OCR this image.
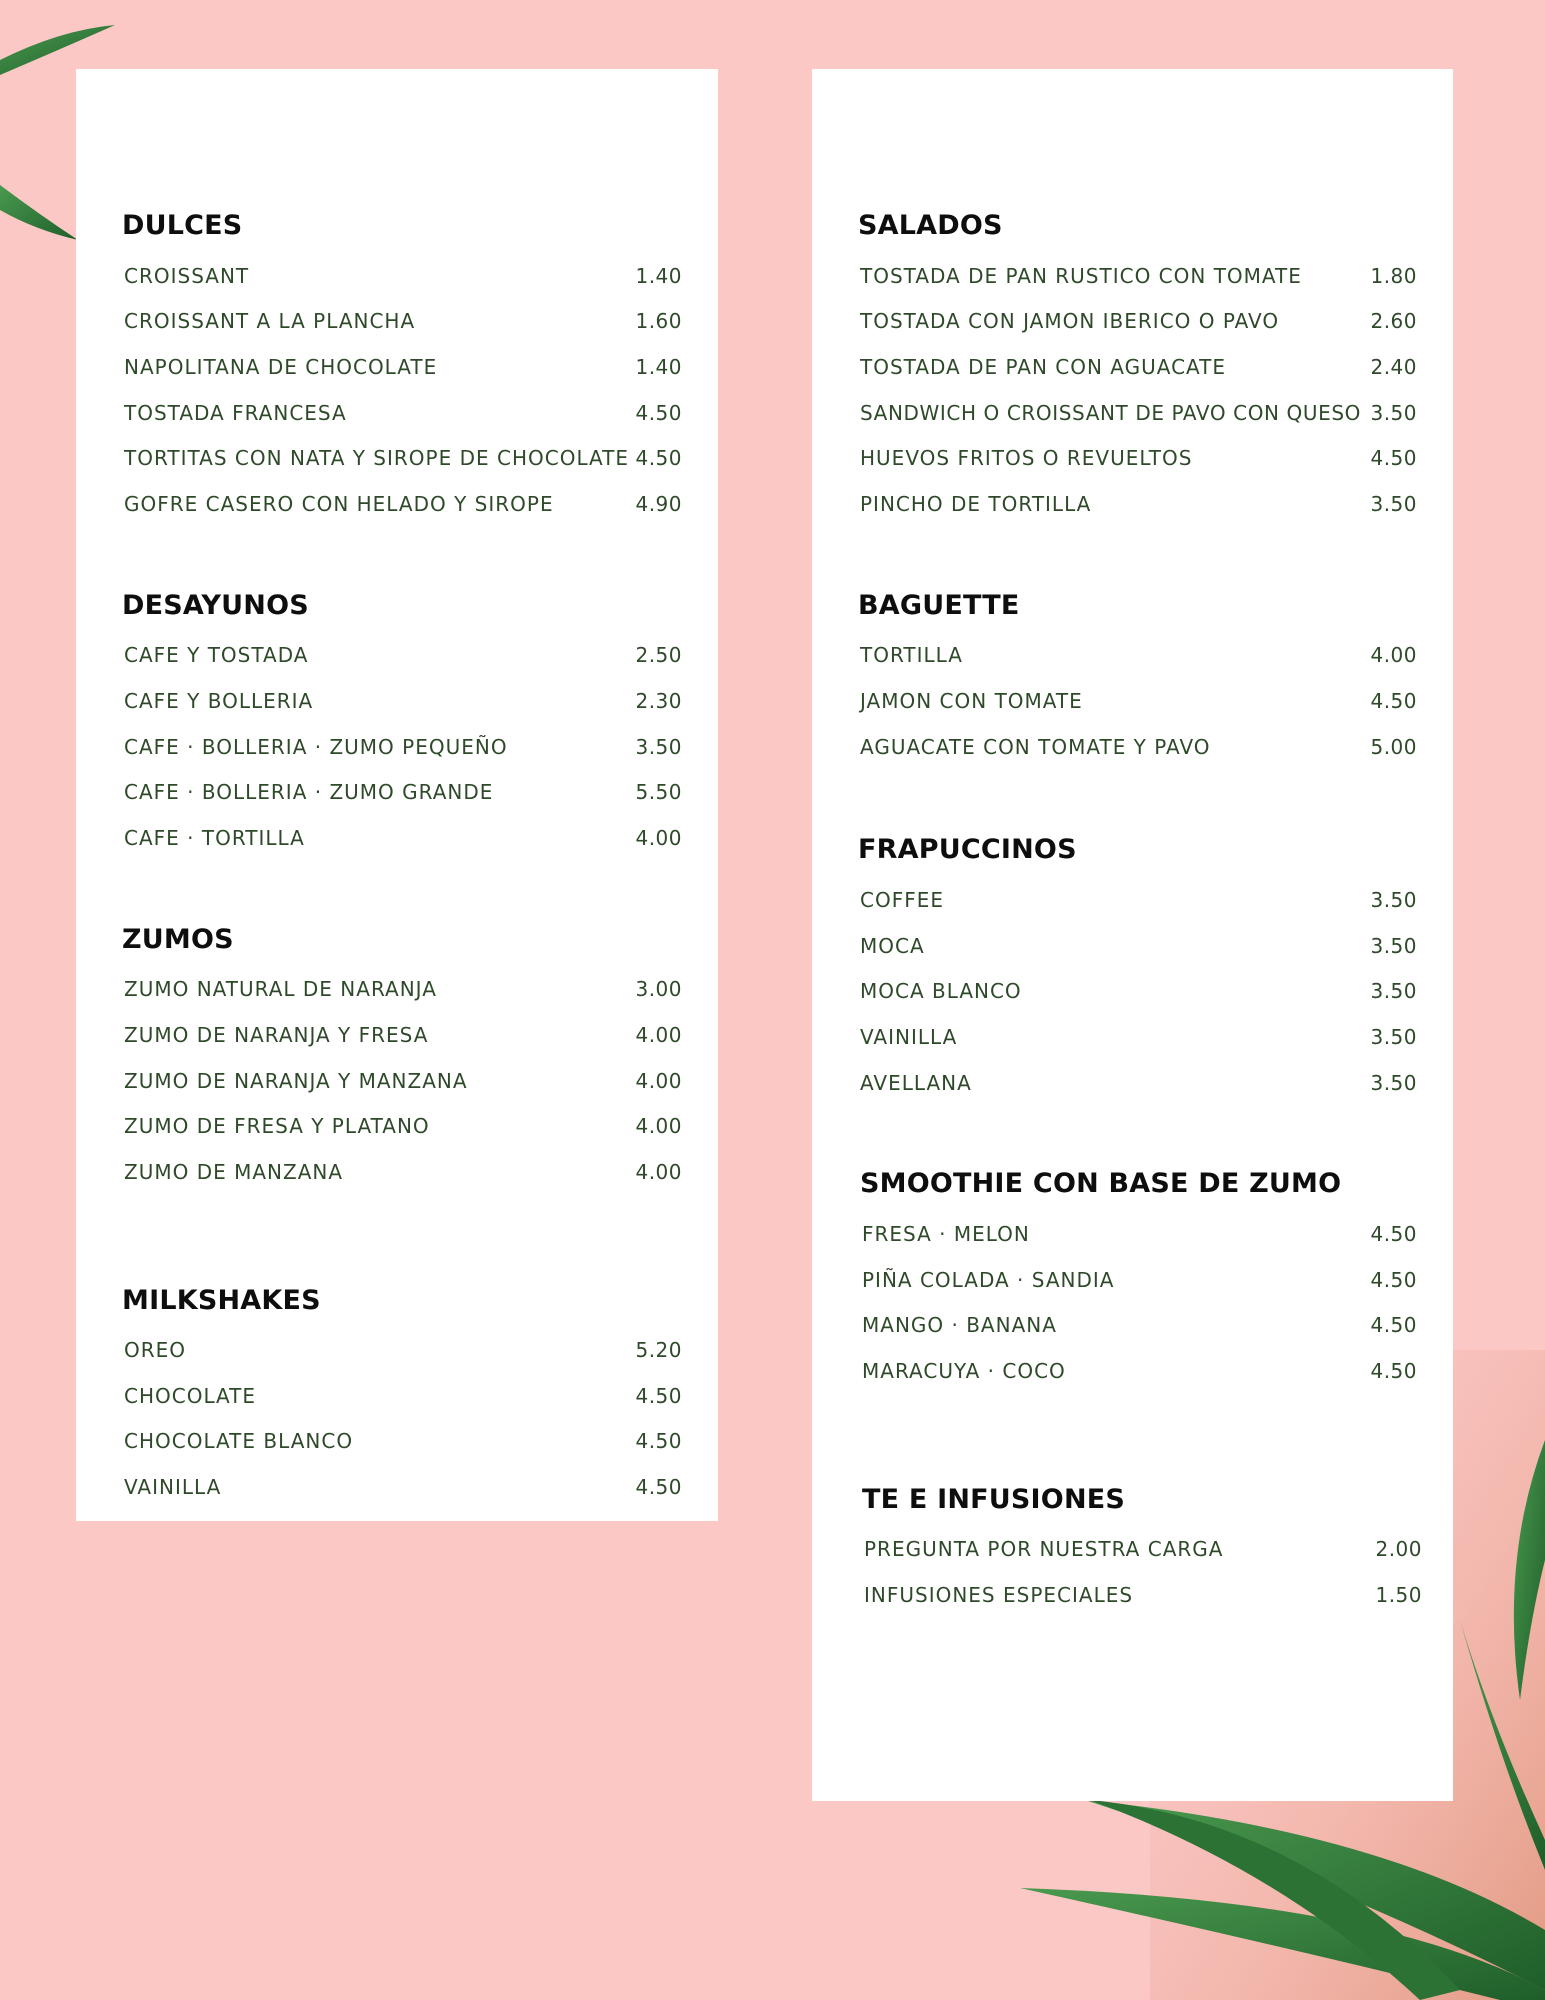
DULCES
CROISSANT	1.40
CROISSANT A LA PLANCHA	1.60
NAPOLITANA DE CHOCOLATE	1.40
TOSTADA FRANCESA	4.50
TORTITAS CON NATA Y SIROPE DE CHOCOLATE 4.50
GOFRE CASERO CON HELADO Y SIROPE	4.90
DESAYUNOS
CAFE Y TOSTADA	2.50
CAFE Y BOLLERIA	2.30
CAFE · BOLLERIA · ZUMO PEQUEÑO	3.50
CAFE · BOLLERIA · ZUMO GRANDE	5.50
CAFE · TORTILLA	4.00
ZUMOS
ZUMO NATURAL DE NARANJA	3.00
ZUMO DE NARANJA Y FRESA	4.00
ZUMO DE NARANJA Y MANZANA	4.00
ZUMO DE FRESA Y PLATANO	4.00
ZUMO DE MANZANA	4.00
MILKSHAKES
OREO	5.20
CHOCOLATE	4.50
CHOCOLATE BLANCO	4.50
VAINILLA	4.50
SALADOS
TOSTADA DE PAN RUSTICO CON TOMATE	1.80
TOSTADA CON JAMON IBERICO O PAVO	2.60
TOSTADA DE PAN CON AGUACATE	2.40
SANDWICH O CROISSANT DE PAVO CON QUESO 3.50
HUEVOS FRITOS O REVUELTOS	4.50
PINCHO DE TORTILLA	3.50
BAGUETTE
TORTILLA	4.00
JAMON CON TOMATE	4.50
AGUACATE CON TOMATE Y PAVO	5.00
FRAPUCCINOS
COFFEE	3.50
MOCA	3.50
MOCA BLANCO	3.50
VAINILLA	3.50
AVELLANA	3.50
SMOOTHIE CON BASE DE ZUMO
FRESA · MELON	4.50
PIÑA COLADA · SANDIA	4.50
MANGO · BANANA	4.50
MARACUYA · COCO	4.50
TE E INFUSIONES
PREGUNTA POR NUESTRA CARGA	2.00
INFUSIONES ESPECIALES	1.50
